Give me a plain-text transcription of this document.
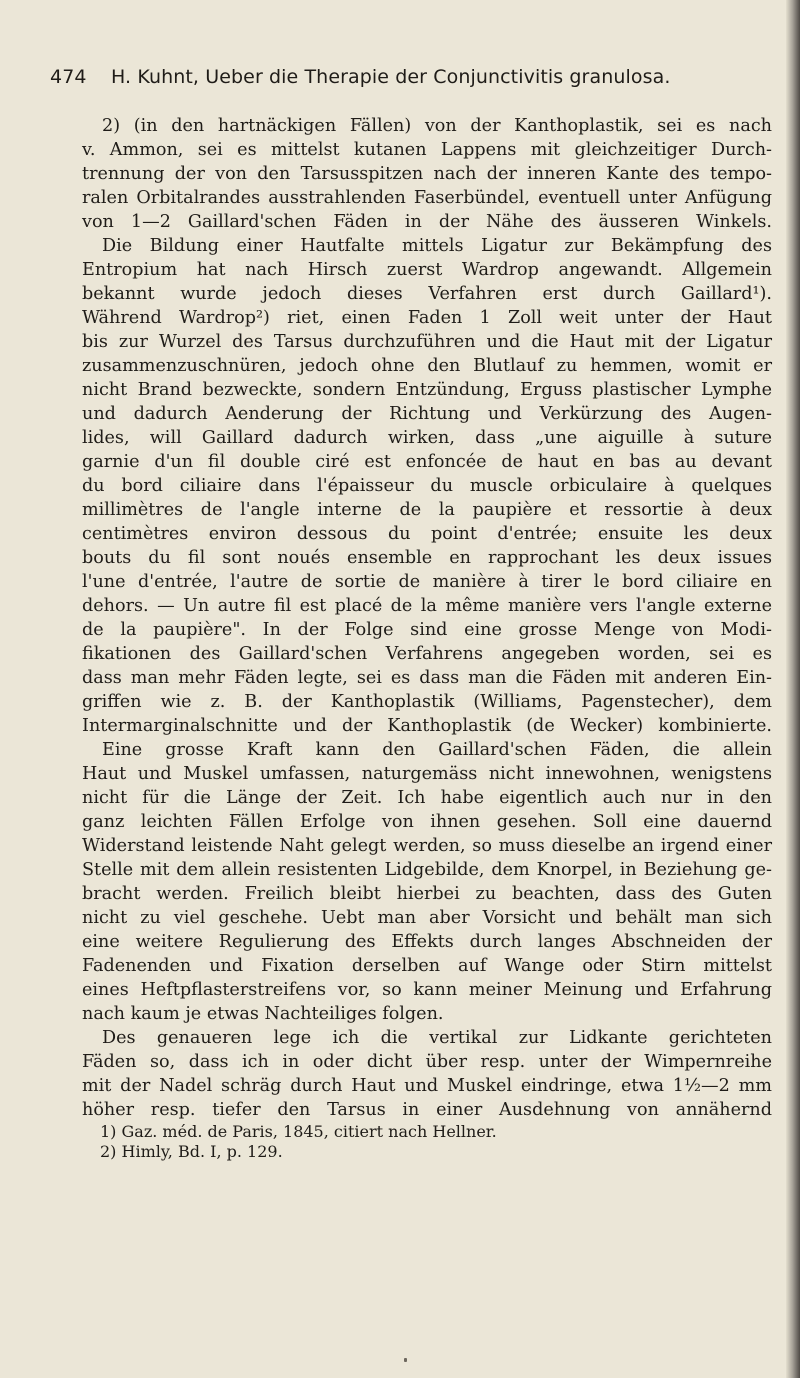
474 H. Kuhnt, Ueber die Therapie der Conjunctivitis granulosa.
2) (in den hartnäckigen Fällen) von der Kanthoplastik, sei es nach
v. Ammon, sei es mittelst kutanen Lappens mit gleichzeitiger Durch-
trennung der von den Tarsusspitzen nach der inneren Kante des tempo-
ralen Orbitalrandes ausstrahlenden Faserbündel, eventuell unter Anfügung
von 1—2 Gaillard'schen Fäden in der Nähe des äusseren Winkels.
Die Bildung einer Hautfalte mittels Ligatur zur Bekämpfung des
Entropium hat nach Hirsch zuerst Wardrop angewandt. Allgemein
bekannt wurde jedoch dieses Verfahren erst durch Gaillard¹).
Während Wardrop²) riet, einen Faden 1 Zoll weit unter der Haut
bis zur Wurzel des Tarsus durchzuführen und die Haut mit der Ligatur
zusammenzuschnüren, jedoch ohne den Blutlauf zu hemmen, womit er
nicht Brand bezweckte, sondern Entzündung, Erguss plastischer Lymphe
und dadurch Aenderung der Richtung und Verkürzung des Augen-
lides, will Gaillard dadurch wirken, dass „une aiguille à suture
garnie d'un fil double ciré est enfoncée de haut en bas au devant
du bord ciliaire dans l'épaisseur du muscle orbiculaire à quelques
millimètres de l'angle interne de la paupière et ressortie à deux
centimètres environ dessous du point d'entrée; ensuite les deux
bouts du fil sont noués ensemble en rapprochant les deux issues
l'une d'entrée, l'autre de sortie de manière à tirer le bord ciliaire en
dehors. — Un autre fil est placé de la même manière vers l'angle externe
de la paupière". In der Folge sind eine grosse Menge von Modi-
fikationen des Gaillard'schen Verfahrens angegeben worden, sei es
dass man mehr Fäden legte, sei es dass man die Fäden mit anderen Ein-
griffen wie z. B. der Kanthoplastik (Williams, Pagenstecher), dem
Intermarginalschnitte und der Kanthoplastik (de Wecker) kombinierte.
Eine grosse Kraft kann den Gaillard'schen Fäden, die allein
Haut und Muskel umfassen, naturgemäss nicht innewohnen, wenigstens
nicht für die Länge der Zeit. Ich habe eigentlich auch nur in den
ganz leichten Fällen Erfolge von ihnen gesehen. Soll eine dauernd
Widerstand leistende Naht gelegt werden, so muss dieselbe an irgend einer
Stelle mit dem allein resistenten Lidgebilde, dem Knorpel, in Beziehung ge-
bracht werden. Freilich bleibt hierbei zu beachten, dass des Guten
nicht zu viel geschehe. Uebt man aber Vorsicht und behält man sich
eine weitere Regulierung des Effekts durch langes Abschneiden der
Fadenenden und Fixation derselben auf Wange oder Stirn mittelst
eines Heftpflasterstreifens vor, so kann meiner Meinung und Erfahrung
nach kaum je etwas Nachteiliges folgen.
Des genaueren lege ich die vertikal zur Lidkante gerichteten
Fäden so, dass ich in oder dicht über resp. unter der Wimpernreihe
mit der Nadel schräg durch Haut und Muskel eindringe, etwa 1½—2 mm
höher resp. tiefer den Tarsus in einer Ausdehnung von annähernd
1) Gaz. méd. de Paris, 1845, citiert nach Hellner.
2) Himly, Bd. I, p. 129.
